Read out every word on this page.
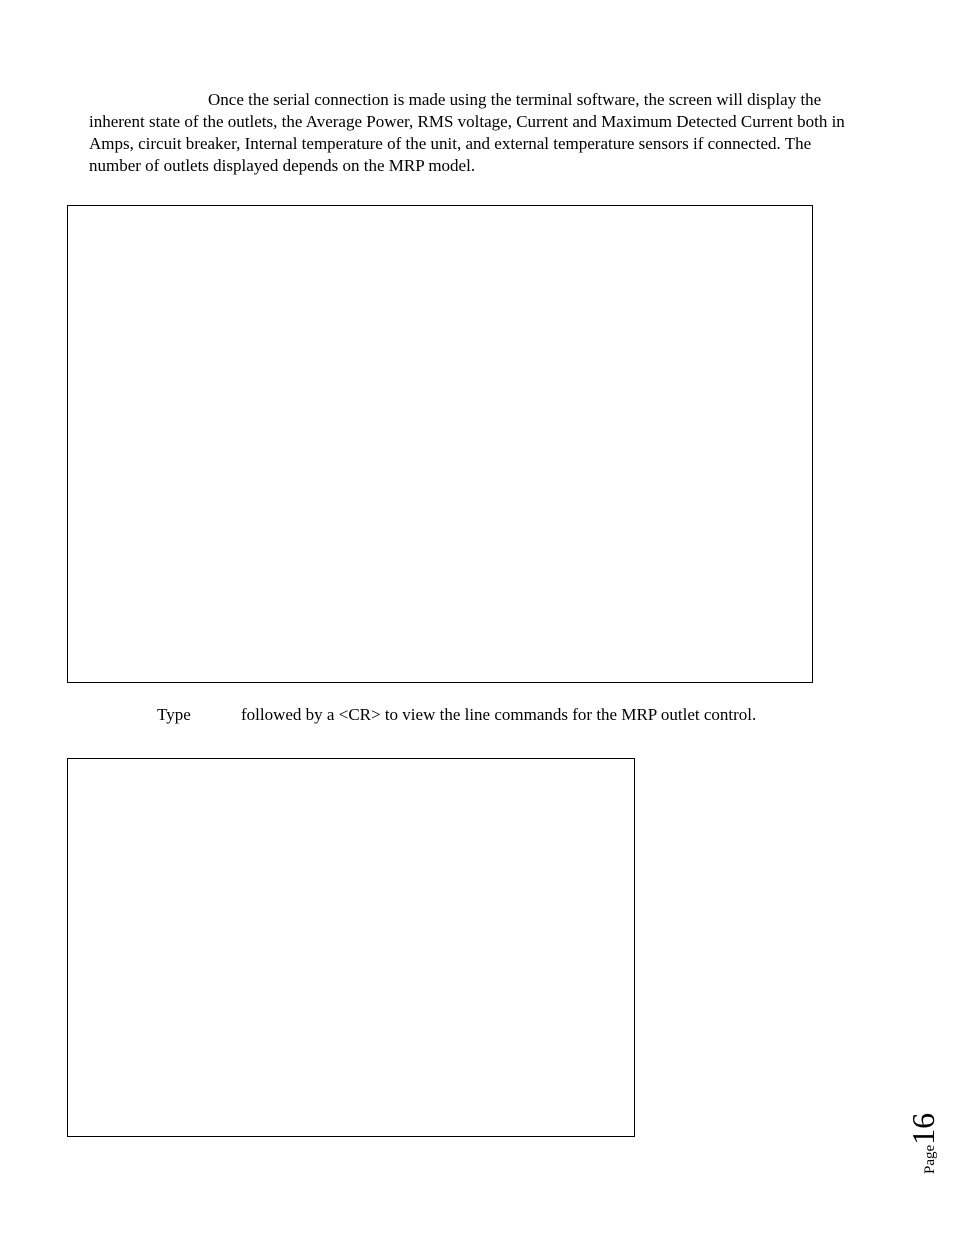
Once the serial connection is made using the terminal software, the screen will display the inherent state of the outlets, the Average Power, RMS voltage, Current and Maximum Detected Current both in Amps, circuit breaker, Internal temperature of the unit, and external temperature sensors if connected. The number of outlets displayed depends on the MRP model.

Type	followed by a <CR> to view the line commands for the MRP outlet control.
Page16
